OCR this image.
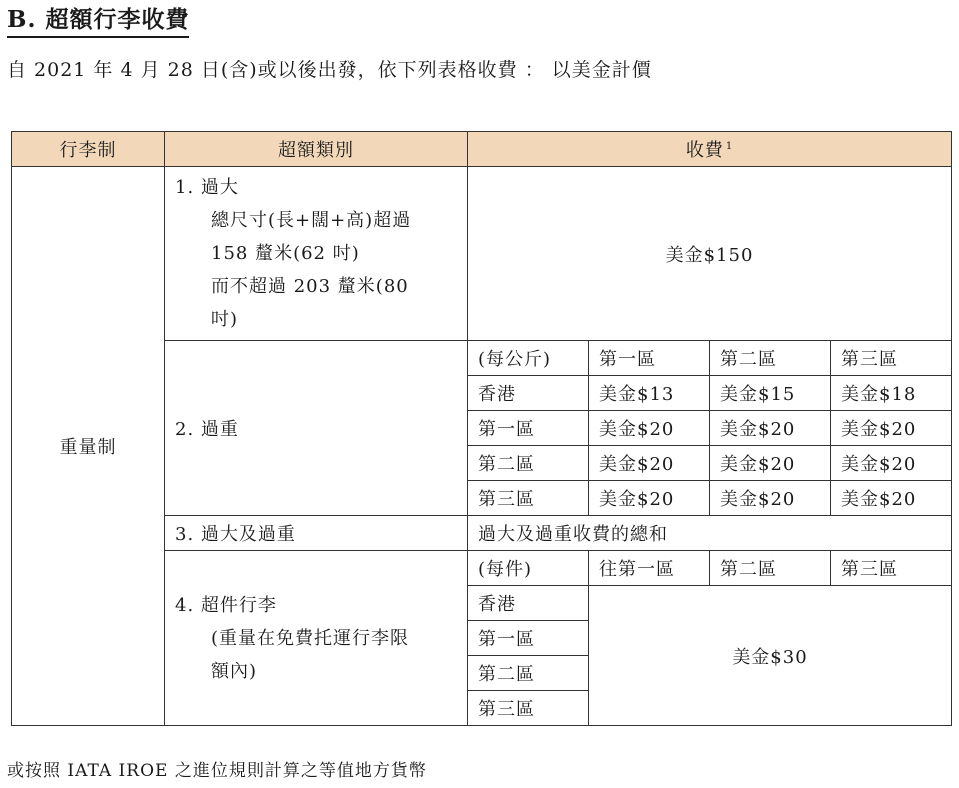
B. 超額行李收費
自 2021 年 4 月 28 日(含)或以後出發，依下列表格收費 ： 以美金計價
行李制	超額類別	收費 $^1$
重量制	1. 過大
總尺寸(長+闊+高)超過
158 釐米(62 吋)
而不超過 203 釐米(80
吋)	美金$150			
	2. 過重	(每公斤)	第一區	第二區	第三區
		香港	美金$13	美金$15	美金$18
		第一區	美金$20	美金$20	美金$20
		第二區	美金$20	美金$20	美金$20
		第三區	美金$20	美金$20	美金$20
	3. 過大及過重	過大及過重收費的總和			

	4. 超件行李
(重量在免費托運行李限
額內)	(每件)	往第一區	第二區	第三區
		香港	美金$30		
		第一區			
		第二區			
		第三區			
或按照 IATA IROE 之進位規則計算之等值地方貨幣
